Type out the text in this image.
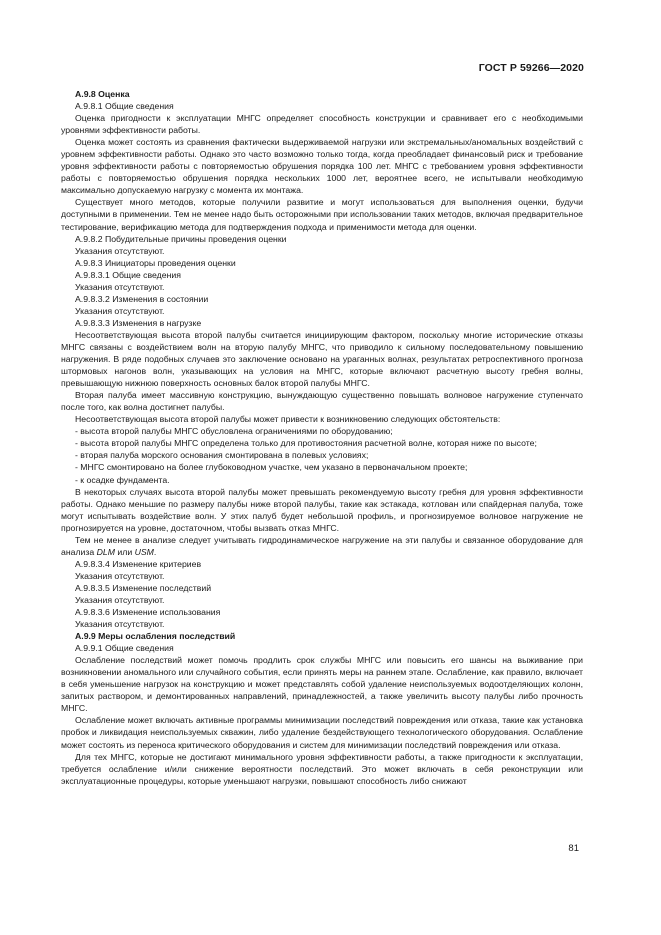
ГОСТ Р 59266—2020

А.9.8 Оценка

А.9.8.1 Общие сведения

Оценка пригодности к эксплуатации МНГС определяет способность конструкции и сравнивает его с необходимыми уровнями эффективности работы.

Оценка может состоять из сравнения фактически выдерживаемой нагрузки или экстремальных/аномальных воздействий с уровнем эффективности работы. Однако это часто возможно только тогда, когда преобладает финансовый риск и требование уровня эффективности работы с повторяемостью обрушения порядка 100 лет. МНГС с требованием уровня эффективности работы с повторяемостью обрушения порядка нескольких 1000 лет, вероятнее всего, не испытывали необходимую максимально допускаемую нагрузку с момента их монтажа.

Существует много методов, которые получили развитие и могут использоваться для выполнения оценки, будучи доступными в применении. Тем не менее надо быть осторожными при использовании таких методов, включая предварительное тестирование, верификацию метода для подтверждения подхода и применимости метода для оценки.

А.9.8.2 Побудительные причины проведения оценки

Указания отсутствуют.

А.9.8.3 Инициаторы проведения оценки

А.9.8.3.1 Общие сведения

Указания отсутствуют.

А.9.8.3.2 Изменения в состоянии

Указания отсутствуют.

А.9.8.3.3 Изменения в нагрузке

Несоответствующая высота второй палубы считается инициирующим фактором, поскольку многие исторические отказы МНГС связаны с воздействием волн на вторую палубу МНГС, что приводило к сильному последовательному повышению нагружения. В ряде подобных случаев это заключение основано на ураганных волнах, результатах ретроспективного прогноза штормовых нагонов волн, указывающих на условия на МНГС, которые включают расчетную высоту гребня волны, превышающую нижнюю поверхность основных балок второй палубы МНГС.

Вторая палуба имеет массивную конструкцию, вынуждающую существенно повышать волновое нагружение ступенчато после того, как волна достигнет палубы.

Несоответствующая высота второй палубы может привести к возникновению следующих обстоятельств:

- высота второй палубы МНГС обусловлена ограничениями по оборудованию;

- высота второй палубы МНГС определена только для противостояния расчетной волне, которая ниже по высоте;

- вторая палуба морского основания смонтирована в полевых условиях;

- МНГС смонтировано на более глубоководном участке, чем указано в первоначальном проекте;

- к осадке фундамента.

В некоторых случаях высота второй палубы может превышать рекомендуемую высоту гребня для уровня эффективности работы. Однако меньшие по размеру палубы ниже второй палубы, такие как эстакада, котлован или спайдерная палуба, тоже могут испытывать воздействие волн. У этих палуб будет небольшой профиль, и прогнозируемое волновое нагружение не прогнозируется на уровне, достаточном, чтобы вызвать отказ МНГС.

Тем не менее в анализе следует учитывать гидродинамическое нагружение на эти палубы и связанное оборудование для анализа DLM или USM.

А.9.8.3.4 Изменение критериев

Указания отсутствуют.

А.9.8.3.5 Изменение последствий

Указания отсутствуют.

А.9.8.3.6 Изменение использования

Указания отсутствуют.

А.9.9 Меры ослабления последствий

А.9.9.1 Общие сведения

Ослабление последствий может помочь продлить срок службы МНГС или повысить его шансы на выживание при возникновении аномального или случайного события, если принять меры на раннем этапе. Ослабление, как правило, включает в себя уменьшение нагрузок на конструкцию и может представлять собой удаление неиспользуемых водоотделяющих колонн, запитых раствором, и демонтированных направлений, принадлежностей, а также увеличить высоту палубы либо прочность МНГС.

Ослабление может включать активные программы минимизации последствий повреждения или отказа, такие как установка пробок и ликвидация неиспользуемых скважин, либо удаление бездействующего технологического оборудования. Ослабление может состоять из переноса критического оборудования и систем для минимизации последствий повреждения или отказа.

Для тех МНГС, которые не достигают минимального уровня эффективности работы, а также пригодности к эксплуатации, требуется ослабление и/или снижение вероятности последствий. Это может включать в себя реконструкции или эксплуатационные процедуры, которые уменьшают нагрузки, повышают способность либо снижают

81
